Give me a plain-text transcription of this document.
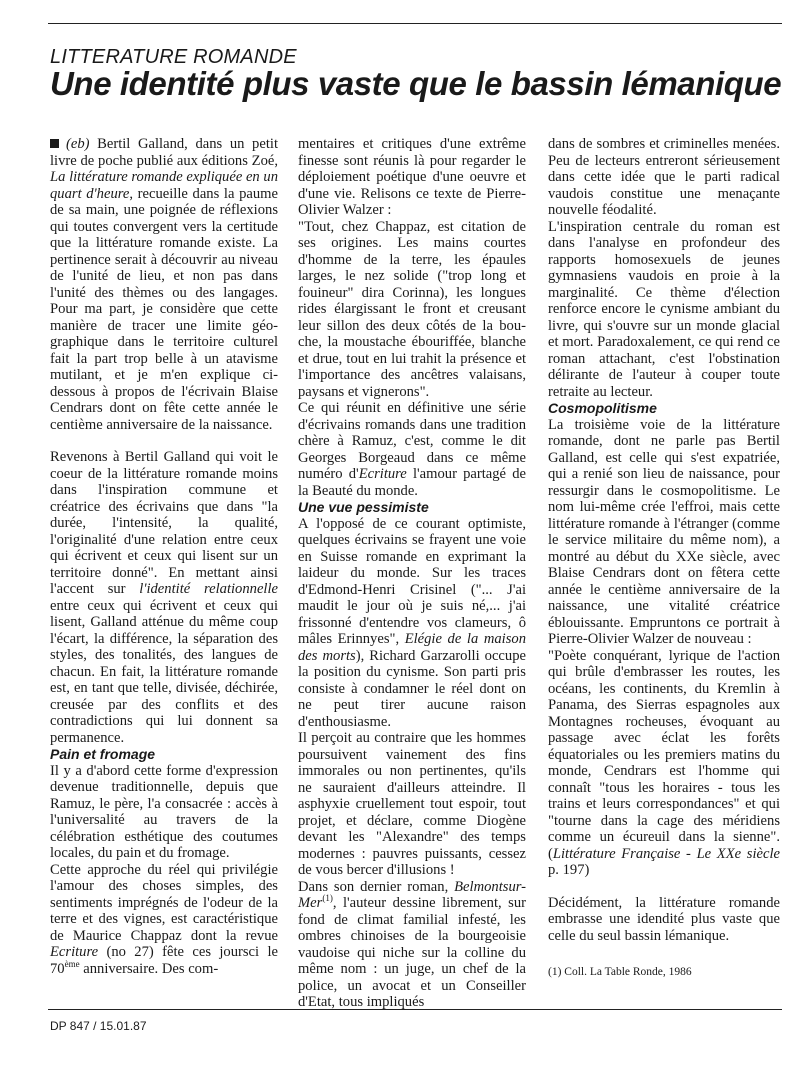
LITTERATURE ROMANDE

Une identité plus vaste que le bassin lémanique

(eb) Bertil Galland, dans un petit livre de poche publié aux éditions Zoé, La littérature romande expliquée en un quart d'heure, recueille dans la paume de sa main, une poignée de réflexions qui toutes convergent vers la certitude que la littérature romande existe. La pertinence serait à découvrir au niveau de l'unité de lieu, et non pas dans l'unité des thèmes ou des langages. Pour ma part, je considère que cette manière de tracer une limite géographique dans le territoire culturel fait la part trop belle à un atavisme mutilant, et je m'en explique ci-dessous à propos de l'écrivain Blaise Cendrars dont on fête cette année le centième anniversaire de la naissance.

Revenons à Bertil Galland qui voit le coeur de la littérature romande moins dans l'inspiration commune et créatrice des écrivains que dans "la durée, l'intensité, la qualité, l'originalité d'une relation entre ceux qui écrivent et ceux qui lisent sur un territoire donné". En mettant ainsi l'accent sur l'identité relationnelle entre ceux qui écrivent et ceux qui lisent, Galland atténue du même coup l'écart, la différence, la séparation des styles, des tonalités, des langues de chacun. En fait, la littérature romande est, en tant que telle, divisée, déchirée, creusée par des conflits et des contradictions qui lui donnent sa permanence.

Pain et fromage

Il y a d'abord cette forme d'expression devenue traditionnelle, depuis que Ramuz, le père, l'a consacrée : accès à l'universalité au travers de la célébration esthétique des coutumes locales, du pain et du fromage.

Cette approche du réel qui privilégie l'amour des choses simples, des sentiments imprégnés de l'odeur de la terre et des vignes, est caractéristique de Maurice Chappaz dont la revue Ecriture (no 27) fête ces joursci le 70ème anniversaire. Des com-

mentaires et critiques d'une extrême finesse sont réunis là pour regarder le déploiement poétique d'une oeuvre et d'une vie. Relisons ce texte de Pierre-Olivier Walzer :

"Tout, chez Chappaz, est citation de ses origines. Les mains courtes d'homme de la terre, les épaules larges, le nez solide ("trop long et fouineur" dira Corinna), les longues rides élargissant le front et creusant leur sillon des deux côtés de la bouche, la moustache ébouriffée, blanche et drue, tout en lui trahit la présence et l'importance des ancêtres valaisans, paysans et vignerons".

Ce qui réunit en définitive une série d'écrivains romands dans une tradition chère à Ramuz, c'est, comme le dit Georges Borgeaud dans ce même numéro d'Ecriture l'amour partagé de la Beauté du monde.

Une vue pessimiste

A l'opposé de ce courant optimiste, quelques écrivains se frayent une voie en Suisse romande en exprimant la laideur du monde. Sur les traces d'Edmond-Henri Crisinel ("... J'ai maudit le jour où je suis né,... j'ai frissonné d'entendre vos clameurs, ô mâles Erinnyes", Elégie de la maison des morts), Richard Garzarolli occupe la position du cynisme. Son parti pris consiste à condamner le réel dont on ne peut tirer aucune raison d'enthousiasme.

Il perçoit au contraire que les hommes poursuivent vainement des fins immorales ou non pertinentes, qu'ils ne sauraient d'ailleurs atteindre. Il asphyxie cruellement tout espoir, tout projet, et déclare, comme Diogène devant les "Alexandre" des temps modernes : pauvres puissants, cessez de vous bercer d'illusions !

Dans son dernier roman, Belmontsur-Mer$^{(1)}$, l'auteur dessine librement, sur fond de climat familial infesté, les ombres chinoises de la bourgeoisie vaudoise qui niche sur la colline du même nom : un juge, un chef de la police, un avocat et un Conseiller d'Etat, tous impliqués

dans de sombres et criminelles menées. Peu de lecteurs entreront sérieusement dans cette idée que le parti radical vaudois constitue une menaçante nouvelle féodalité.

L'inspiration centrale du roman est dans l'analyse en profondeur des rapports homosexuels de jeunes gymnasiens vaudois en proie à la marginalité. Ce thème d'élection renforce encore le cynisme ambiant du livre, qui s'ouvre sur un monde glacial et mort. Paradoxalement, ce qui rend ce roman attachant, c'est l'obstination délirante de l'auteur à couper toute retraite au lecteur.

Cosmopolitisme

La troisième voie de la littérature romande, dont ne parle pas Bertil Galland, est celle qui s'est expatriée, qui a renié son lieu de naissance, pour ressurgir dans le cosmopolitisme. Le nom lui-même crée l'effroi, mais cette littérature romande à l'étranger (comme le service militaire du même nom), a montré au début du XXe siècle, avec Blaise Cendrars dont on fêtera cette année le centième anniversaire de la naissance, une vitalité créatrice éblouissante. Empruntons ce portrait à Pierre-Olivier Walzer de nouveau :

"Poète conquérant, lyrique de l'action qui brûle d'embrasser les routes, les océans, les continents, du Kremlin à Panama, des Sierras espagnoles aux Montagnes rocheuses, évoquant au passage avec éclat les forêts équatoriales ou les premiers matins du monde, Cendrars est l'homme qui connaît "tous les horaires - tous les trains et leurs correspondances" et qui "tourne dans la cage des méridiens comme un écureuil dans la sienne". (Littérature Française - Le XXe siècle p. 197)

Décidément, la littérature romande embrasse une idendité plus vaste que celle du seul bassin lémanique.

(1) Coll. La Table Ronde, 1986

DP 847 / 15.01.87
